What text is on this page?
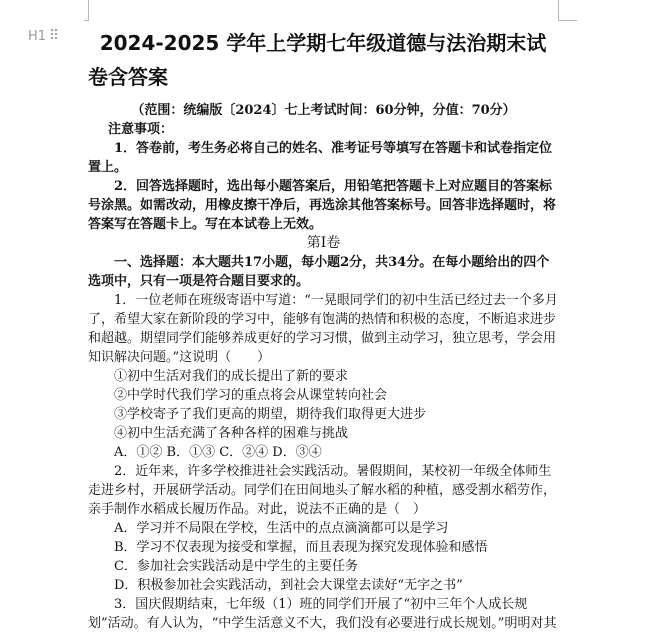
H1 ⠿	2024-2025 学年上学期七年级道德与法治期末试
卷含答案

（范围：统编版〔2024〕七上考试时间：60分钟，分值：70分）

注意事项：

1．答卷前，考生务必将自己的姓名、准考证号等填写在答题卡和试卷指定位置上。

2．回答选择题时，选出每小题答案后，用铅笔把答题卡上对应题目的答案标号涂黑。如需改动，用橡皮擦干净后，再选涂其他答案标号。回答非选择题时，将答案写在答题卡上。写在本试卷上无效。

第Ⅰ卷

一、选择题：本大题共17小题，每小题2分，共34分。在每小题给出的四个选项中，只有一项是符合题目要求的。

1．一位老师在班级寄语中写道：“一晃眼同学们的初中生活已经过去一个多月了，希望大家在新阶段的学习中，能够有饱满的热情和积极的态度，不断追求进步和超越。期望同学们能够养成更好的学习习惯，做到主动学习，独立思考，学会用知识解决问题。”这说明（　　）

①初中生活对我们的成长提出了新的要求

②中学时代我们学习的重点将会从课堂转向社会

③学校寄予了我们更高的期望，期待我们取得更大进步

④初中生活充满了各种各样的困难与挑战

A．①② B．①③ C．②④ D．③④

2．近年来，许多学校推进社会实践活动。暑假期间，某校初一年级全体师生走进乡村，开展研学活动。同学们在田间地头了解水稻的种植，感受割水稻劳作，亲手制作水稻成长履历作品。对此，说法不正确的是（　）

A．学习并不局限在学校，生活中的点点滴滴都可以是学习

B．学习不仅表现为接受和掌握，而且表现为探究发现体验和感悟

C．参加社会实践活动是中学生的主要任务

D．积极参加社会实践活动，到社会大课堂去读好“无字之书”

3．国庆假期结束，七年级（1）班的同学们开展了“初中三年个人成长规划”活动。有人认为，“中学生活意义不大，我们没有必要进行成长规划。”明明对其
